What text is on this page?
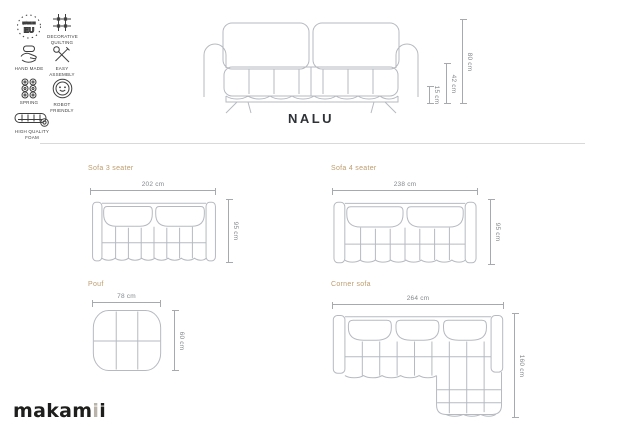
MADE IN
EU
DECORATIVE QUILTING
HAND MADE	EASY ASSEMBLY
SPRING	ROBOT FRIENDLY
HIGH QUALITY FOAM
15 cm
42 cm
80 cm
NALU
Sofa 3 seater
202 cm
95 cm
Sofa 4 seater
238 cm
95 cm
Pouf
78 cm
60 cm
Corner sofa
264 cm
160 cm
makamii
